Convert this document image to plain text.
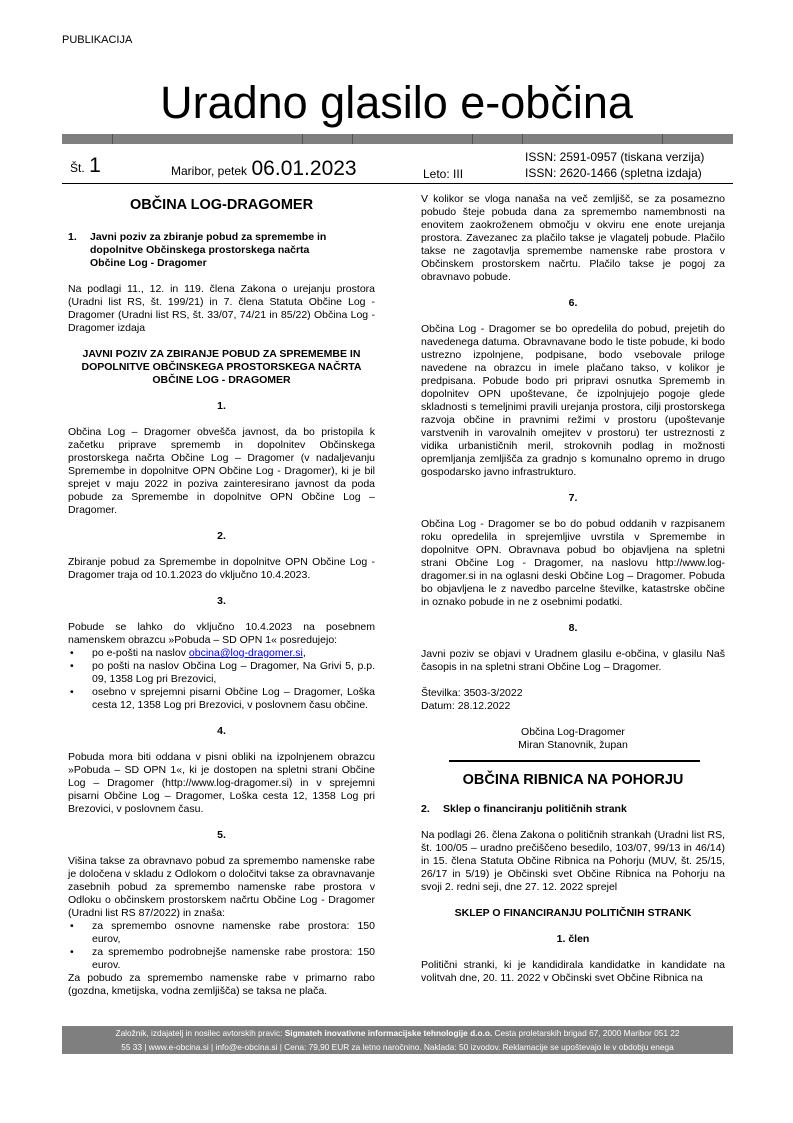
PUBLIKACIJA
Uradno glasilo e-občina
Št. 1	Maribor, petek 06.01.2023	Leto: III
ISSN: 2591-0957 (tiskana verzija)
ISSN: 2620-1466 (spletna izdaja)
OBČINA LOG-DRAGOMER
1.	Javni poziv za zbiranje pobud za spremembe in dopolnitve Občinskega prostorskega načrta Občine Log - Dragomer

Na podlagi 11., 12. in 119. člena Zakona o urejanju prostora (Uradni list RS, št. 199/21) in 7. člena Statuta Občine Log - Dragomer (Uradni list RS, št. 33/07, 74/21 in 85/22) Občina Log - Dragomer izdaja

JAVNI POZIV ZA ZBIRANJE POBUD ZA SPREMEMBE IN DOPOLNITVE OBČINSKEGA PROSTORSKEGA NAČRTA OBČINE LOG - DRAGOMER
1.

Občina Log – Dragomer obvešča javnost, da bo pristopila k začetku priprave sprememb in dopolnitev Občinskega prostorskega načrta Občine Log – Dragomer (v nadaljevanju Spremembe in dopolnitve OPN Občine Log - Dragomer), ki je bil sprejet v maju 2022 in poziva zainteresirano javnost da poda pobude za Spremembe in dopolnitve OPN Občine Log – Dragomer.

2.

Zbiranje pobud za Spremembe in dopolnitve OPN Občine Log - Dragomer traja od 10.1.2023 do vključno 10.4.2023.

3.

Pobude se lahko do vključno 10.4.2023 na posebnem namenskem obrazcu »Pobuda – SD OPN 1« posredujejo:

• po e-pošti na naslov obcina@log-dragomer.si,
• po pošti na naslov Občina Log – Dragomer, Na Grivi 5, p.p. 09, 1358 Log pri Brezovici,
• osebno v sprejemni pisarni Občine Log – Dragomer, Loška cesta 12, 1358 Log pri Brezovici, v poslovnem času občine.
4.

Pobuda mora biti oddana v pisni obliki na izpolnjenem obrazcu »Pobuda – SD OPN 1«, ki je dostopen na spletni strani Občine Log – Dragomer (http://www.log-dragomer.si) in v sprejemni pisarni Občine Log – Dragomer, Loška cesta 12, 1358 Log pri Brezovici, v poslovnem času.

5.

Višina takse za obravnavo pobud za spremembo namenske rabe je določena v skladu z Odlokom o določitvi takse za obravnavanje zasebnih pobud za spremembo namenske rabe prostora v Odloku o občinskem prostorskem načrtu Občine Log - Dragomer (Uradni list RS 87/2022) in znaša:

• za spremembo osnovne namenske rabe prostora: 150 eurov,
• za spremembo podrobnejše namenske rabe prostora: 150 eurov.

Za pobudo za spremembo namenske rabe v primarno rabo (gozdna, kmetijska, vodna zemljišča) se taksa ne plača.

V kolikor se vloga nanaša na več zemljišč, se za posamezno pobudo šteje pobuda dana za spremembo namembnosti na enovitem zaokroženem območju v okviru ene enote urejanja prostora. Zavezanec za plačilo takse je vlagatelj pobude. Plačilo takse ne zagotavlja spremembe namenske rabe prostora v Občinskem prostorskem načrtu. Plačilo takse je pogoj za obravnavo pobude.

6.

Občina Log - Dragomer se bo opredelila do pobud, prejetih do navedenega datuma. Obravnavane bodo le tiste pobude, ki bodo ustrezno izpolnjene, podpisane, bodo vsebovale priloge navedene na obrazcu in imele plačano takso, v kolikor je predpisana. Pobude bodo pri pripravi osnutka Sprememb in dopolnitev OPN upoštevane, če izpolnjujejo pogoje glede skladnosti s temeljnimi pravili urejanja prostora, cilji prostorskega razvoja občine in pravnimi režimi v prostoru (upoštevanje varstvenih in varovalnih omejitev v prostoru) ter ustreznosti z vidika urbanističnih meril, strokovnih podlag in možnosti opremljanja zemljišča za gradnjo s komunalno opremo in drugo gospodarsko javno infrastrukturo.

7.

Občina Log - Dragomer se bo do pobud oddanih v razpisanem roku opredelila in sprejemljive uvrstila v Spremembe in dopolnitve OPN. Obravnava pobud bo objavljena na spletni strani Občine Log - Dragomer, na naslovu http://www.log-dragomer.si in na oglasni deski Občine Log – Dragomer. Pobuda bo objavljena le z navedbo parcelne številke, katastrske občine in oznako pobude in ne z osebnimi podatki.

8.

Javni poziv se objavi v Uradnem glasilu e-občina, v glasilu Naš časopis in na spletni strani Občine Log – Dragomer.

Številka: 3503-3/2022
Datum: 28.12.2022
Občina Log-Dragomer
Miran Stanovnik, župan
OBČINA RIBNICA NA POHORJU
2.	Sklep o financiranju političnih strank

Na podlagi 26. člena Zakona o političnih strankah (Uradni list RS, št. 100/05 – uradno prečiščeno besedilo, 103/07, 99/13 in 46/14) in 15. člena Statuta Občine Ribnica na Pohorju (MUV, št. 25/15, 26/17 in 5/19) je Občinski svet Občine Ribnica na Pohorju na svoji 2. redni seji, dne 27. 12. 2022 sprejel

SKLEP O FINANCIRANJU POLITIČNIH STRANK
1. člen

Politični stranki, ki je kandidirala kandidatke in kandidate na volitvah dne, 20. 11. 2022 v Občinski svet Občine Ribnica na

Založnik, izdajatelj in nosilec avtorskih pravic: Sigmateh inovativne informacijske tehnologije d.o.o. Cesta proletarskih brigad 67, 2000 Maribor 051 22
55 33 | www.e-obcina.si | info@e-obcina.si | Cena: 79,90 EUR za letno naročnino. Naklada: 50 izvodov. Reklamacije se upoštevajo le v obdobju enega
